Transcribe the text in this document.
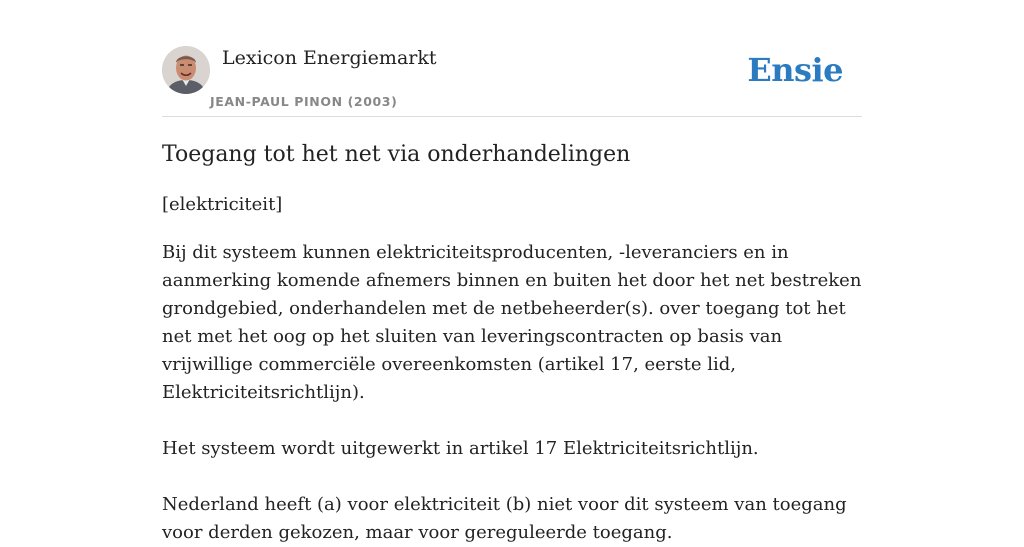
Lexicon Energiemarkt
JEAN-PAUL PINON (2003)
Ensie
Toegang tot het net via onderhandelingen

[elektriciteit]

Bij dit systeem kunnen elektriciteitsproducenten, -leveranciers en in aanmerking komende afnemers binnen en buiten het door het net bestreken grondgebied, onderhandelen met de netbeheerder(s). over toegang tot het net met het oog op het sluiten van leveringscontracten op basis van vrijwillige commerciële overeenkomsten (artikel 17, eerste lid, Elektriciteitsrichtlijn).

Het systeem wordt uitgewerkt in artikel 17 Elektriciteitsrichtlijn.

Nederland heeft (a) voor elektriciteit (b) niet voor dit systeem van toegang voor derden gekozen, maar voor gereguleerde toegang.
